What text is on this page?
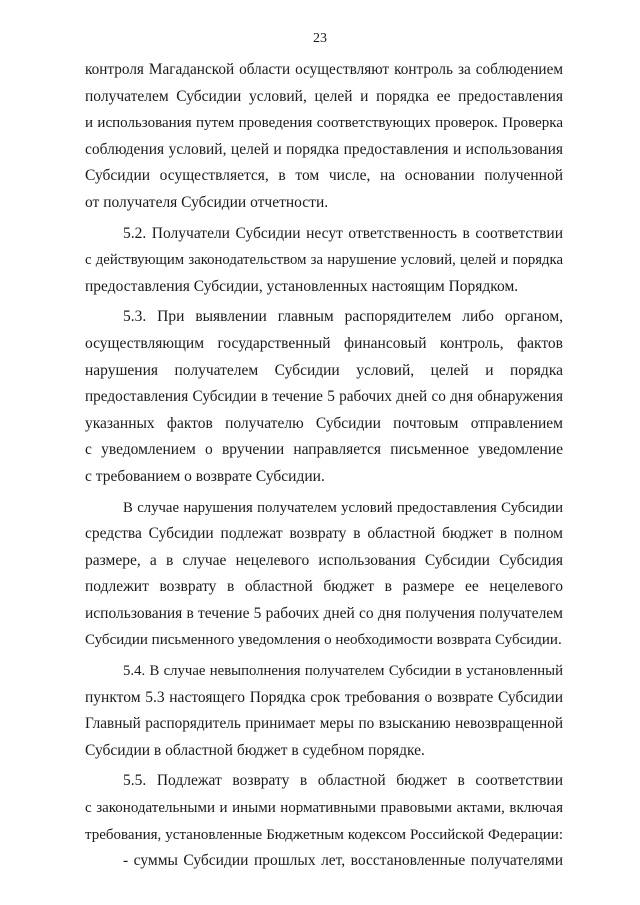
23
контроля Магаданской области осуществляют контроль за соблюдением
получателем Субсидии условий, целей и порядка ее предоставления
и использования путем проведения соответствующих проверок. Проверка
соблюдения условий, целей и порядка предоставления и использования
Субсидии осуществляется, в том числе, на основании полученной
от получателя Субсидии отчетности.
5.2. Получатели Субсидии несут ответственность в соответствии
с действующим законодательством за нарушение условий, целей и порядка
предоставления Субсидии, установленных настоящим Порядком.
5.3. При выявлении главным распорядителем либо органом,
осуществляющим государственный финансовый контроль, фактов
нарушения получателем Субсидии условий, целей и порядка
предоставления Субсидии в течение 5 рабочих дней со дня обнаружения
указанных фактов получателю Субсидии почтовым отправлением
с уведомлением о вручении направляется письменное уведомление
с требованием о возврате Субсидии.
В случае нарушения получателем условий предоставления Субсидии
средства Субсидии подлежат возврату в областной бюджет в полном
размере, а в случае нецелевого использования Субсидии Субсидия
подлежит возврату в областной бюджет в размере ее нецелевого
использования в течение 5 рабочих дней со дня получения получателем
Субсидии письменного уведомления о необходимости возврата Субсидии.
5.4. В случае невыполнения получателем Субсидии в установленный
пунктом 5.3 настоящего Порядка срок требования о возврате Субсидии
Главный распорядитель принимает меры по взысканию невозвращенной
Субсидии в областной бюджет в судебном порядке.
5.5. Подлежат возврату в областной бюджет в соответствии
с законодательными и иными нормативными правовыми актами, включая
требования, установленные Бюджетным кодексом Российской Федерации:
- суммы Субсидии прошлых лет, восстановленные получателями
